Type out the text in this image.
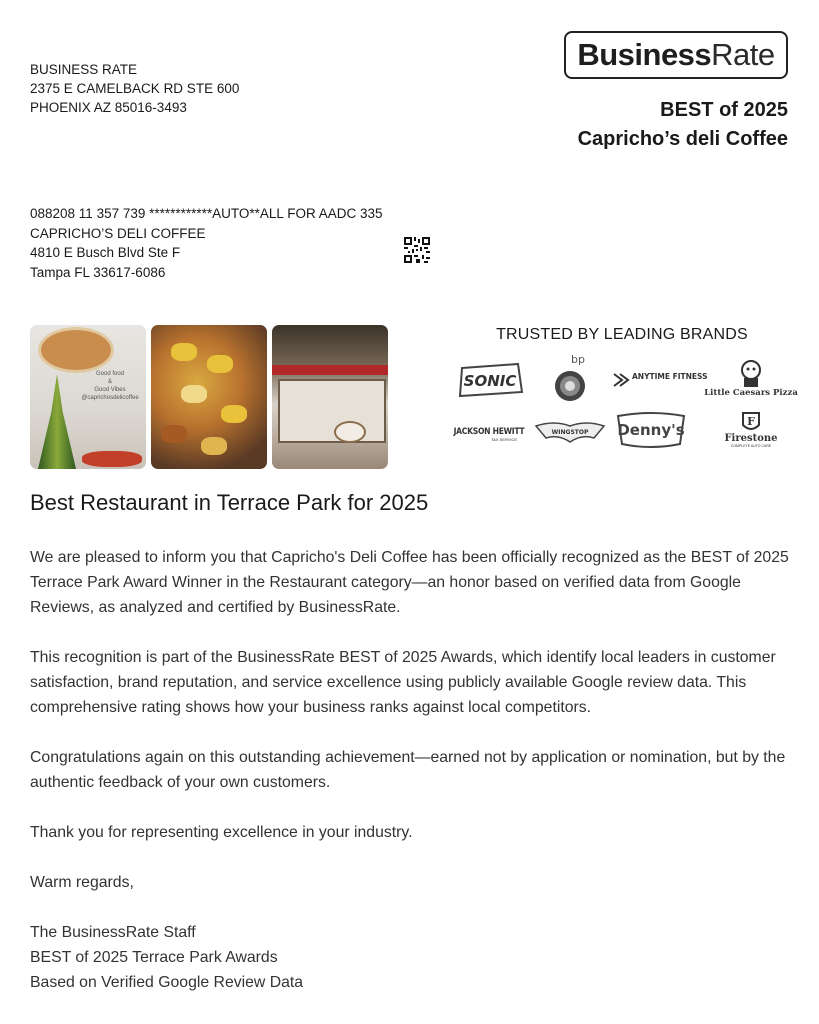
BUSINESS RATE
2375 E CAMELBACK RD STE 600
PHOENIX AZ 85016-3493
Business Rate
BEST of 2025
Capricho’s deli Coffee
088208 11 357 739 ************AUTO**ALL FOR AADC 335
CAPRICHO’S DELI COFFEE
4810 E Busch Blvd Ste F
Tampa FL 33617-6086
Good food
&
Good Vibes
@caprichosdelicoffee
TRUSTED BY LEADING BRANDS
SONIC
bp
ANYTIME FITNESS
Little Caesars Pizza
JACKSON HEWITT
TAX SERVICE
WINGSTOP Denny's	F
Firestone
COMPLETE AUTO CARE
Best Restaurant in Terrace Park for 2025

We are pleased to inform you that Capricho's Deli Coffee has been officially recognized as the BEST of 2025 Terrace Park Award Winner in the Restaurant category—an honor based on verified data from Google Reviews, as analyzed and certified by BusinessRate.

This recognition is part of the BusinessRate BEST of 2025 Awards, which identify local leaders in customer satisfaction, brand reputation, and service excellence using publicly available Google review data. This comprehensive rating shows how your business ranks against local competitors.

Congratulations again on this outstanding achievement—earned not by application or nomination, but by the authentic feedback of your own customers.

Thank you for representing excellence in your industry.

Warm regards,

The BusinessRate Staff

BEST of 2025 Terrace Park Awards

Based on Verified Google Review Data
